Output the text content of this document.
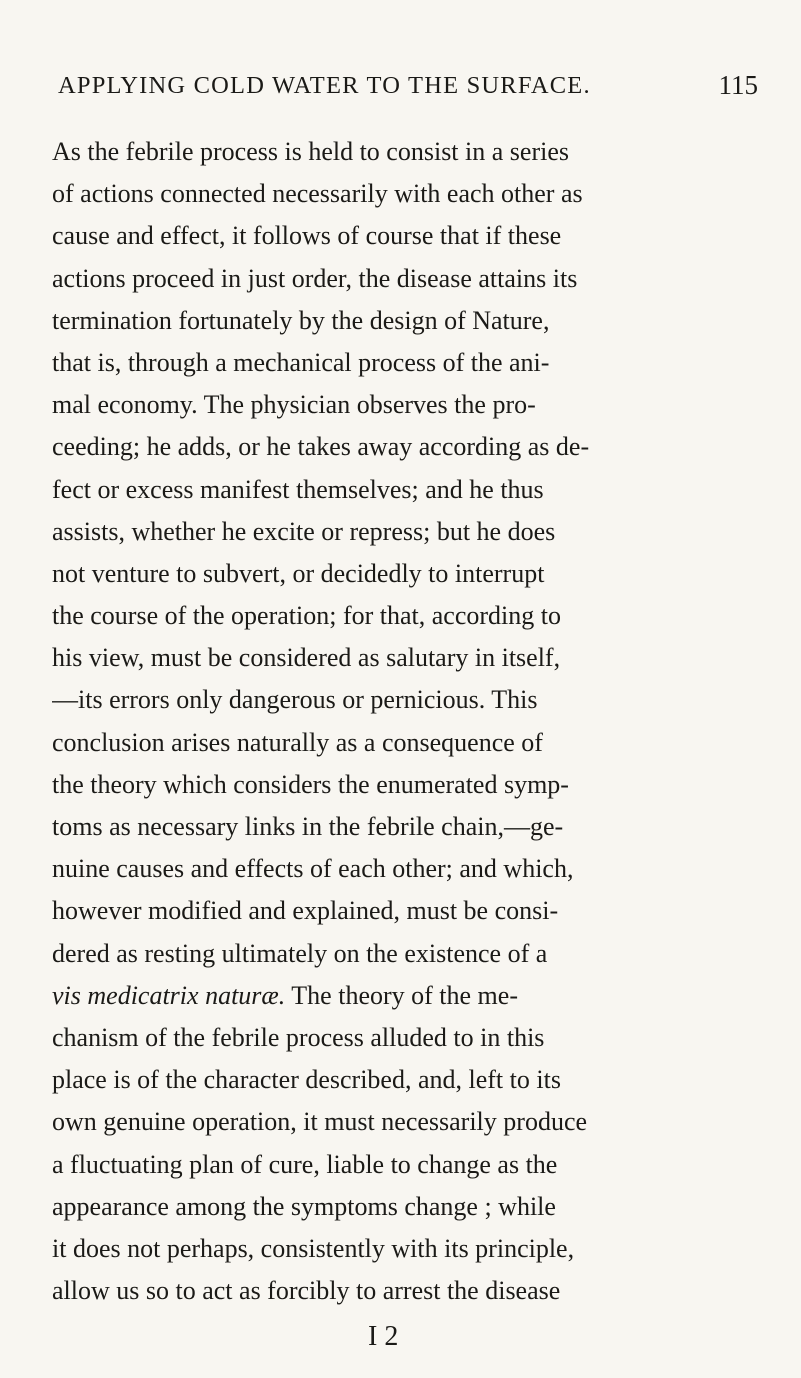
APPLYING COLD WATER TO THE SURFACE.	115
As the febrile process is held to consist in a series
of actions connected necessarily with each other as
cause and effect, it follows of course that if these
actions proceed in just order, the disease attains its
termination fortunately by the design of Nature,
that is, through a mechanical process of the ani-
mal economy. The physician observes the pro-
ceeding; he adds, or he takes away according as de-
fect or excess manifest themselves; and he thus
assists, whether he excite or repress; but he does
not venture to subvert, or decidedly to interrupt
the course of the operation; for that, according to
his view, must be considered as salutary in itself,
—its errors only dangerous or pernicious. This
conclusion arises naturally as a consequence of
the theory which considers the enumerated symp-
toms as necessary links in the febrile chain,—ge-
nuine causes and effects of each other; and which,
however modified and explained, must be consi-
dered as resting ultimately on the existence of a
vis medicatrix naturæ. The theory of the me-
chanism of the febrile process alluded to in this
place is of the character described, and, left to its
own genuine operation, it must necessarily produce
a fluctuating plan of cure, liable to change as the
appearance among the symptoms change ; while
it does not perhaps, consistently with its principle,
allow us so to act as forcibly to arrest the disease
I 2
